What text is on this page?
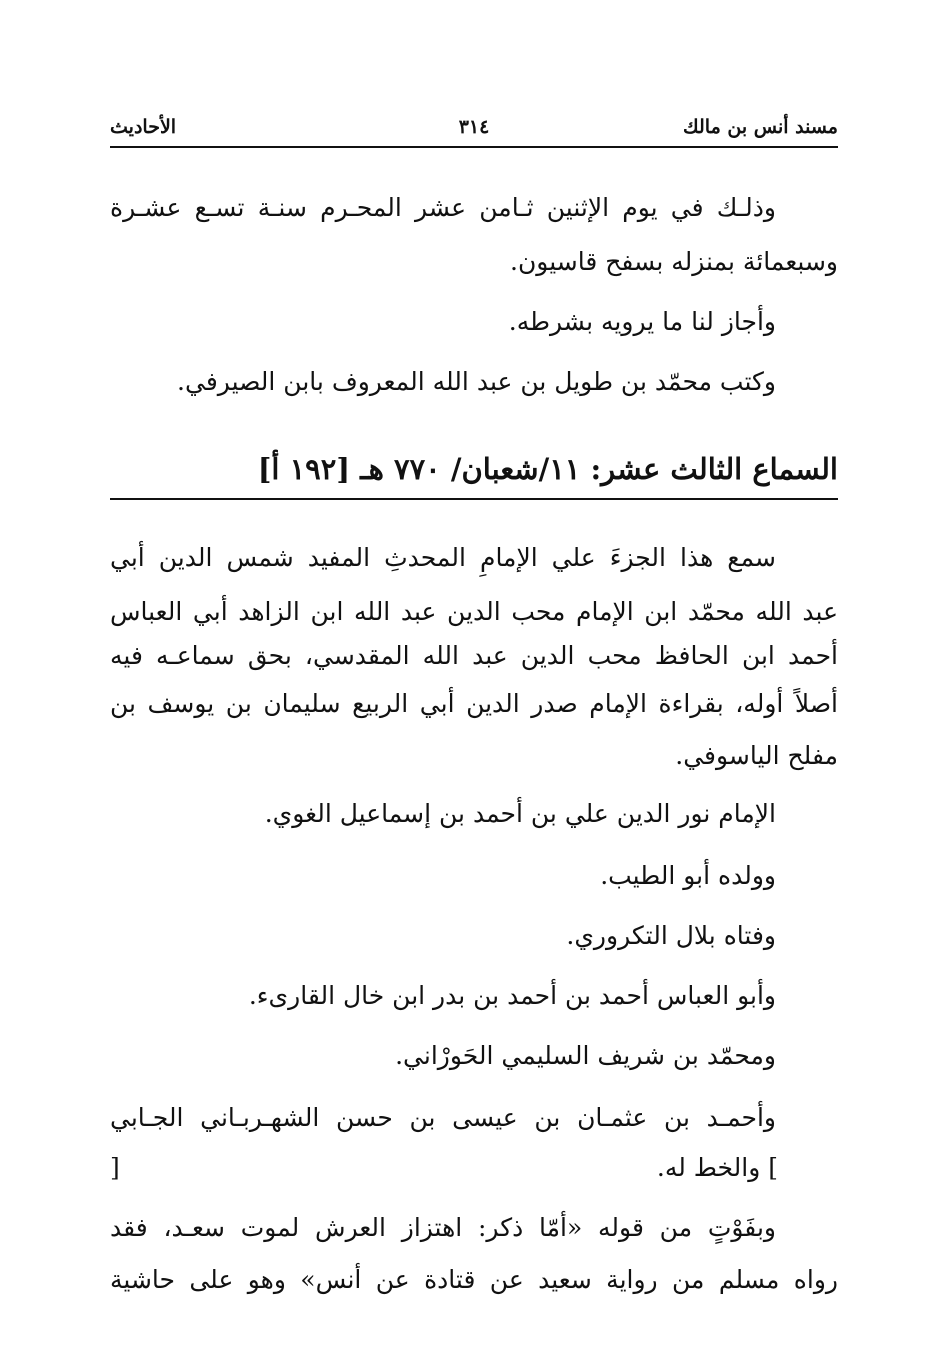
مسند أنس بن مالك
٣١٤
الأحاديث
وذلـك في يوم الإثنين ثـامن عشر المحـرم سنـة تسـع عشـرة
وسبعمائة بمنزله بسفح قاسيون.
وأجاز لنا ما يرويه بشرطه.
وكتب محمّد بن طويل بن عبد الله المعروف بابن الصيرفي.
السماع الثالث عشر: ١١/شعبان/ ٧٧٠ هـ [١٩٢ أ]
سمع هذا الجزءَ علي الإمامِ المحدثِ المفيد شمس الدين أبي
عبد الله محمّد ابن الإمام محب الدين عبد الله ابن الزاهد أبي العباس
أحمد ابن الحافظ محب الدين عبد الله المقدسي، بحق سماعـه فيه
أصلاً أوله، بقراءة الإمام صدر الدين أبي الربيع سليمان بن يوسف بن
مفلح الياسوفي.
الإمام نور الدين علي بن أحمد بن إسماعيل الغوي.
وولده أبو الطيب.
وفتاه بلال التكروري.
وأبو العباس أحمد بن أحمد بن بدر ابن خال القارىء.
ومحمّد بن شريف السليمي الحَورْاني.
وأحمـد بن عثمـان بن عيسى بن حسن الشهـربـاني الجـابي
] والخط له.
[
وبفَوْتٍ من قوله «أمّا ذكر: اهتزاز العرش لموت سعـد، فقد
رواه مسلم من رواية سعيد عن قتادة عن أنس» وهو على حاشية
